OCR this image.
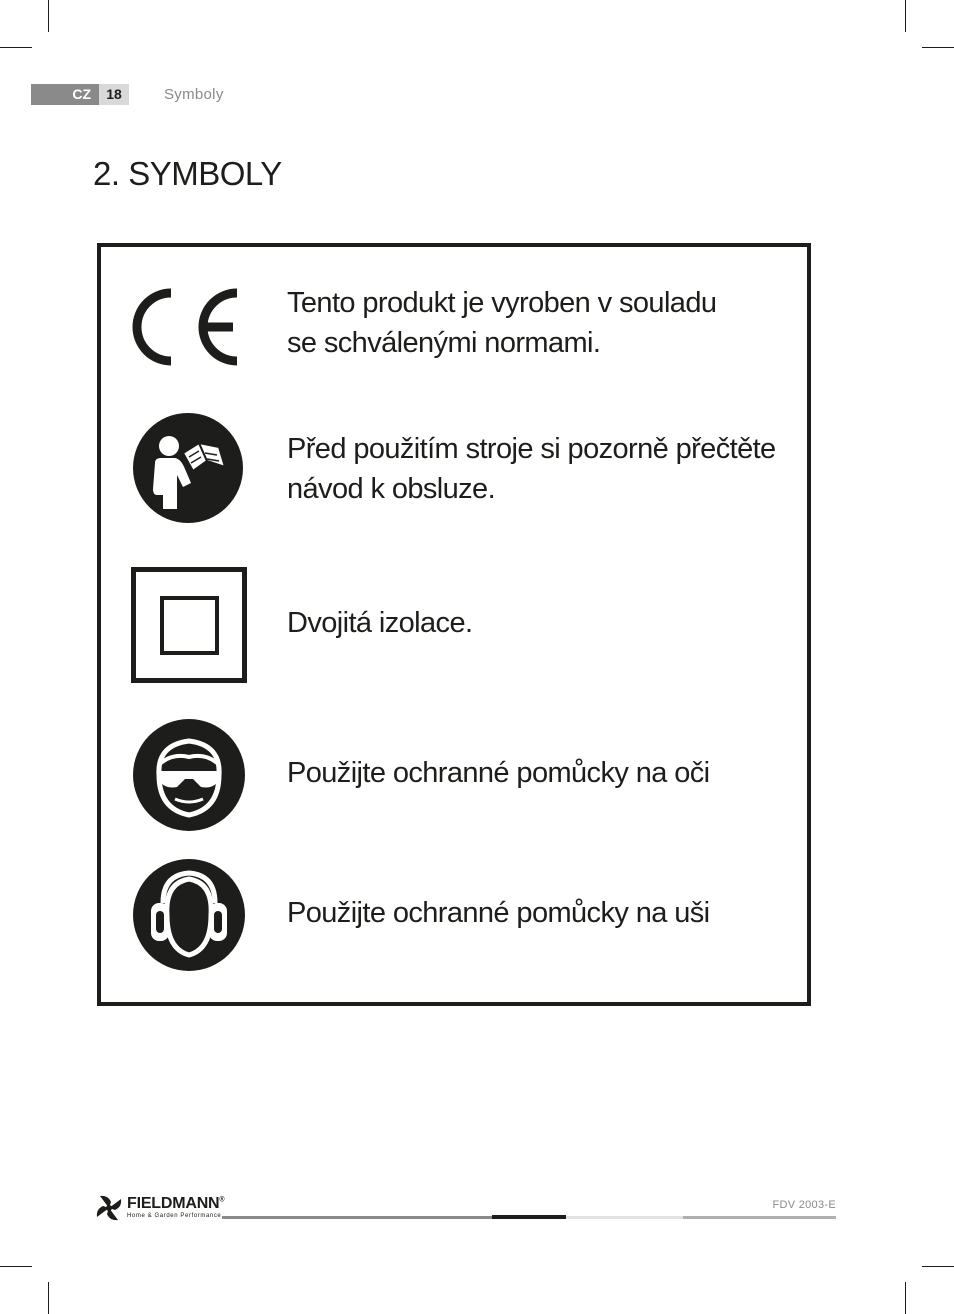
CZ	18	Symboly
2. SYMBOLY
Tento produkt je vyroben v souladu
se schválenými normami.
Před použitím stroje si pozorně přečtěte
návod k obsluze.
Dvojitá izolace.
Použijte ochranné pomůcky na oči
Použijte ochranné pomůcky na uši
FIELDMANN®
Home & Garden Performance
FDV 2003-E
